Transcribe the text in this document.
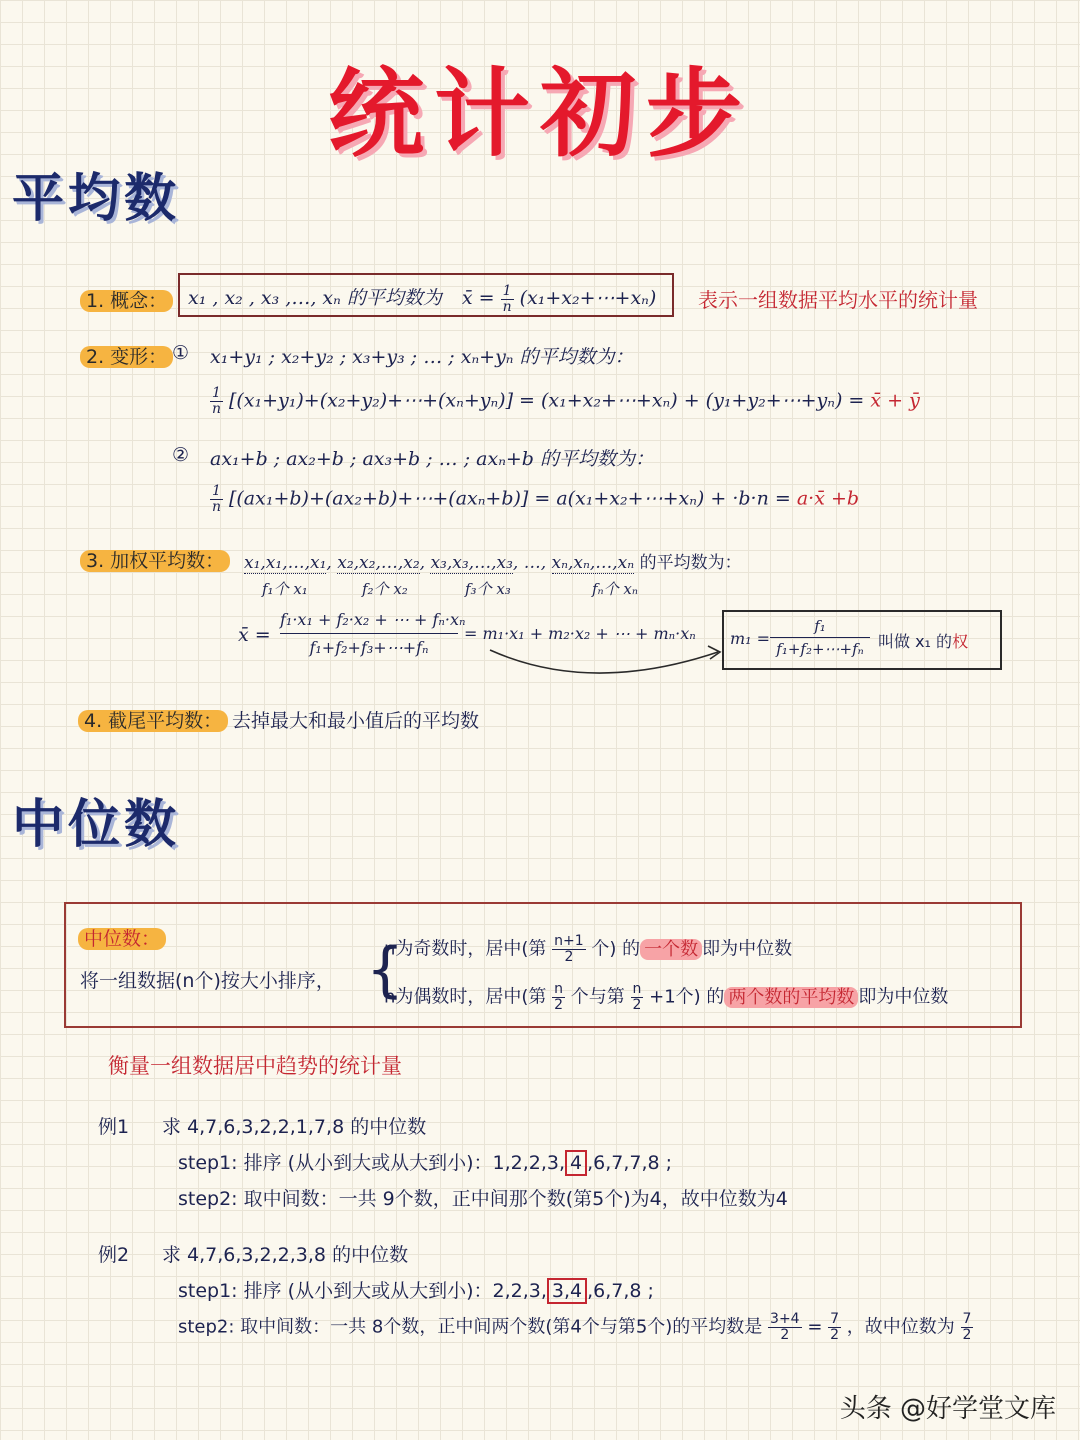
统计初步
平均数
1. 概念：	x₁ , x₂ , x₃ ,…, xₙ 的平均数为 x̄ = $\frac{1}{n}$ (x₁+x₂+⋯+xₙ) 表示一组数据平均水平的统计量
2. 变形： ① x₁+y₁ ; x₂+y₂ ; x₃+y₃ ; … ; xₙ+yₙ 的平均数为：
$\frac{1}{n}$ [(x₁+y₁)+(x₂+y₂)+⋯+(xₙ+yₙ)] = (x₁+x₂+⋯+xₙ) + (y₁+y₂+⋯+yₙ) = x̄ + ȳ
② ax₁+b ; ax₂+b ; ax₃+b ; … ; axₙ+b 的平均数为：
$\frac{1}{n}$ [(ax₁+b)+(ax₂+b)+⋯+(axₙ+b)] = a(x₁+x₂+⋯+xₙ) + ·b·n = a·x̄ +b
3. 加权平均数：	x₁,x₁,…,x₁, x₂,x₂,…,x₂, x₃,x₃,…,x₃, …, xₙ,xₙ,…,xₙ 的平均数为：
f₁个 x₁	f₂个 x₂	f₃个 x₃	fₙ个 xₙ
x̄ =
f₁·x₁ + f₂·x₂ + ⋯ + fₙ·xₙ
f₁+f₂+f₃+⋯+fₙ
= m₁·x₁ + m₂·x₂ + ⋯ + mₙ·xₙ m₁ =
f₁
f₁+f₂+⋯+fₙ 叫做 x₁ 的权
4. 截尾平均数： 去掉最大和最小值后的平均数
中位数
中位数：
将一组数据(n个)按大小排序， {
n为奇数时，居中(第 $\frac{n+1}{2}$ 个) 的 一个数 即为中位数
n为偶数时，居中(第 $\frac{n}{2}$ 个与第 $\frac{n}{2} +1$个) 的 两个数的平均数 即为中位数
衡量一组数据居中趋势的统计量
例1 求 4,7,6,3,2,2,1,7,8 的中位数
step1: 排序 (从小到大或从大到小)：1,2,2,3, 4 ,6,7,7,8 ;
step2: 取中间数：一共 9个数，正中间那个数(第5个)为4，故中位数为4
例2 求 4,7,6,3,2,2,3,8 的中位数
step1: 排序 (从小到大或从大到小)：2,2,3, 3,4 ,6,7,8 ;
step2: 取中间数：一共 8个数，正中间两个数(第4个与第5个)的平均数是 $\frac{3+4}{2} = \frac{7}{2}$ ，故中位数为 $\frac{7}{2}$
头条 @好学堂文库
